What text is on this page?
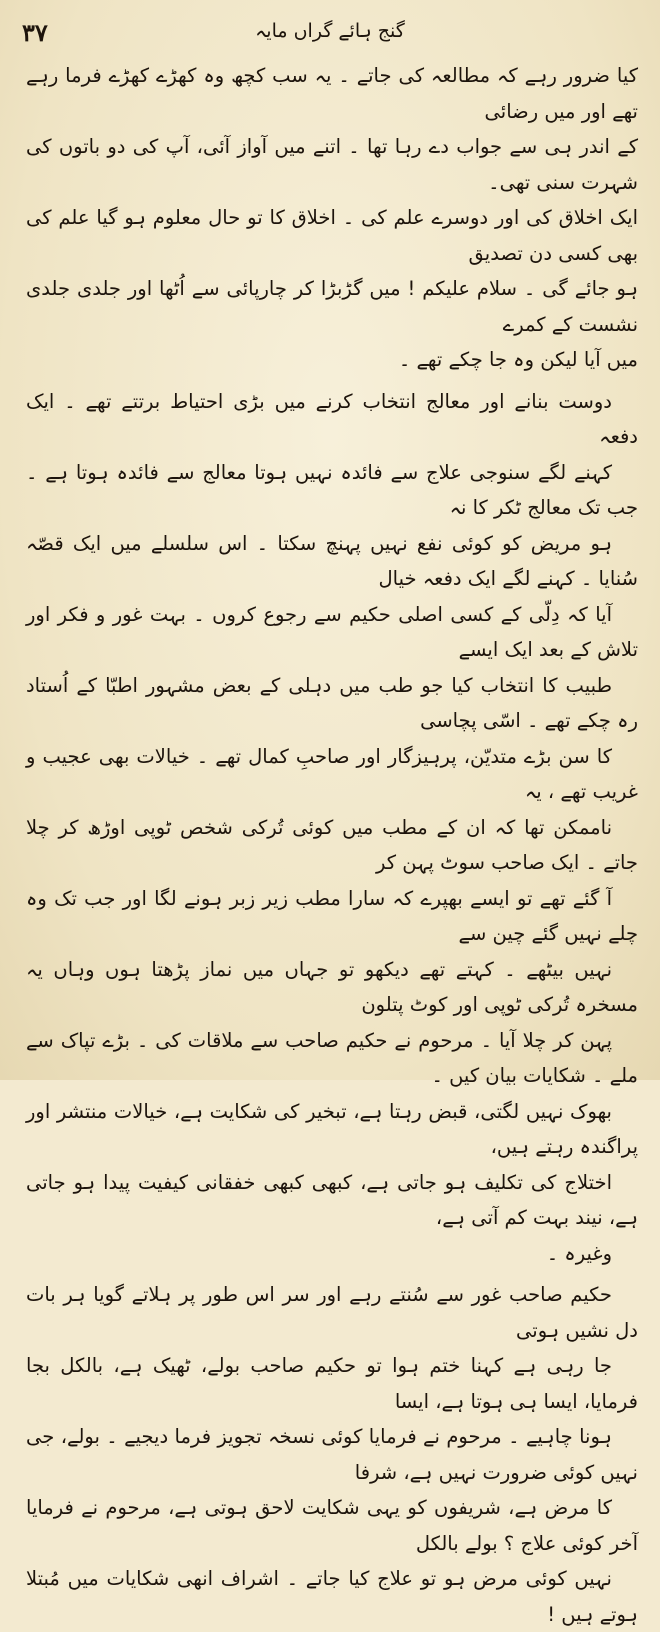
٣٧	گنج ہائے گراں مایہ
کیا ضرور رہے کہ مطالعہ کی جاتے ۔ یہ سب کچھ وہ کھڑے کھڑے فرما رہے تھے اور میں رضائی
کے اندر ہی سے جواب دے رہا تھا ۔ اتنے میں آواز آئی، آپ کی دو باتوں کی شہرت سنی تھی۔
ایک اخلاق کی اور دوسرے علم کی ۔ اخلاق کا تو حال معلوم ہو گیا علم کی بھی کسی دن تصدیق
ہو جائے گی ۔ سلام علیکم ! میں گڑبڑا کر چارپائی سے اُٹھا اور جلدی جلدی نشست کے کمرے
میں آیا لیکن وہ جا چکے تھے ۔
دوست بنانے اور معالج انتخاب کرنے میں بڑی احتیاط برتتے تھے ۔ ایک دفعہ
کہنے لگے سنوجی علاج سے فائدہ نہیں ہوتا معالج سے فائدہ ہوتا ہے ۔ جب تک معالج ٹکر کا نہ
ہو مریض کو کوئی نفع نہیں پہنچ سکتا ۔ اس سلسلے میں ایک قصّہ سُنایا ۔ کہنے لگے ایک دفعہ خیال
آیا کہ دِلّی کے کسی اصلی حکیم سے رجوع کروں ۔ بہت غور و فکر اور تلاش کے بعد ایک ایسے
طبیب کا انتخاب کیا جو طب میں دہلی کے بعض مشہور اطبّا کے اُستاد رہ چکے تھے ۔ اسّی پچاسی
کا سن بڑے متدیّن، پرہیزگار اور صاحبِ کمال تھے ۔ خیالات بھی عجیب و غریب تھے ، یہ
ناممکن تھا کہ ان کے مطب میں کوئی تُرکی شخص ٹوپی اوڑھ کر چلا جاتے ۔ ایک صاحب سوٹ پہن کر
آ گئے تھے تو ایسے بھپرے کہ سارا مطب زیر زبر ہونے لگا اور جب تک وہ چلے نہیں گئے چین سے
نہیں بیٹھے ۔ کہتے تھے دیکھو تو جہاں میں نماز پڑھتا ہوں وہاں یہ مسخرہ تُرکی ٹوپی اور کوٹ پتلون
پہن کر چلا آیا ۔ مرحوم نے حکیم صاحب سے ملاقات کی ۔ بڑے تپاک سے ملے ۔ شکایات بیان کیں ۔
بھوک نہیں لگتی، قبض رہتا ہے، تبخیر کی شکایت ہے، خیالات منتشر اور پراگندہ رہتے ہیں،
اختلاج کی تکلیف ہو جاتی ہے، کبھی کبھی خفقانی کیفیت پیدا ہو جاتی ہے، نیند بہت کم آتی ہے،
وغیرہ ۔
حکیم صاحب غور سے سُنتے رہے اور سر اس طور پر ہلاتے گویا ہر بات دل نشیں ہوتی
جا رہی ہے کہنا ختم ہوا تو حکیم صاحب بولے، ٹھیک ہے، بالکل بجا فرمایا، ایسا ہی ہوتا ہے، ایسا
ہونا چاہیے ۔ مرحوم نے فرمایا کوئی نسخہ تجویز فرما دیجیے ۔ بولے، جی نہیں کوئی ضرورت نہیں ہے، شرفا
کا مرض ہے، شریفوں کو یہی شکایت لاحق ہوتی ہے، مرحوم نے فرمایا آخر کوئی علاج ؟ بولے بالکل
نہیں کوئی مرض ہو تو علاج کیا جاتے ۔ اشراف انھی شکایات میں مُبتلا ہوتے ہیں !
